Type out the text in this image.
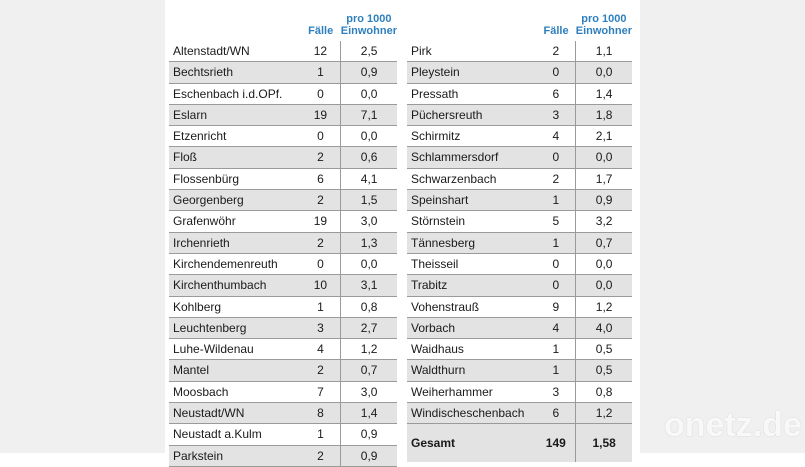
	Fälle	pro 1000
Einwohner
Altenstadt/WN	12	2,5
Bechtsrieth	1	0,9
Eschenbach i.d.OPf.	0	0,0
Eslarn	19	7,1
Etzenricht	0	0,0
Floß	2	0,6
Flossenbürg	6	4,1
Georgenberg	2	1,5
Grafenwöhr	19	3,0
Irchenrieth	2	1,3
Kirchendemenreuth	0	0,0
Kirchenthumbach	10	3,1
Kohlberg	1	0,8
Leuchtenberg	3	2,7
Luhe-Wildenau	4	1,2
Mantel	2	0,7
Moosbach	7	3,0
Neustadt/WN	8	1,4
Neustadt a.Kulm	1	0,9
Parkstein	2	0,9
	Fälle	pro 1000
Einwohner
Pirk	2	1,1
Pleystein	0	0,0
Pressath	6	1,4
Püchersreuth	3	1,8
Schirmitz	4	2,1
Schlammersdorf	0	0,0
Schwarzenbach	2	1,7
Speinshart	1	0,9
Störnstein	5	3,2
Tännesberg	1	0,7
Theisseil	0	0,0
Trabitz	0	0,0
Vohenstrauß	9	1,2
Vorbach	4	4,0
Waidhaus	1	0,5
Waldthurn	1	0,5
Weiherhammer	3	0,8
Windischeschenbach	6	1,2
Gesamt	149	1,58 onetz.de
